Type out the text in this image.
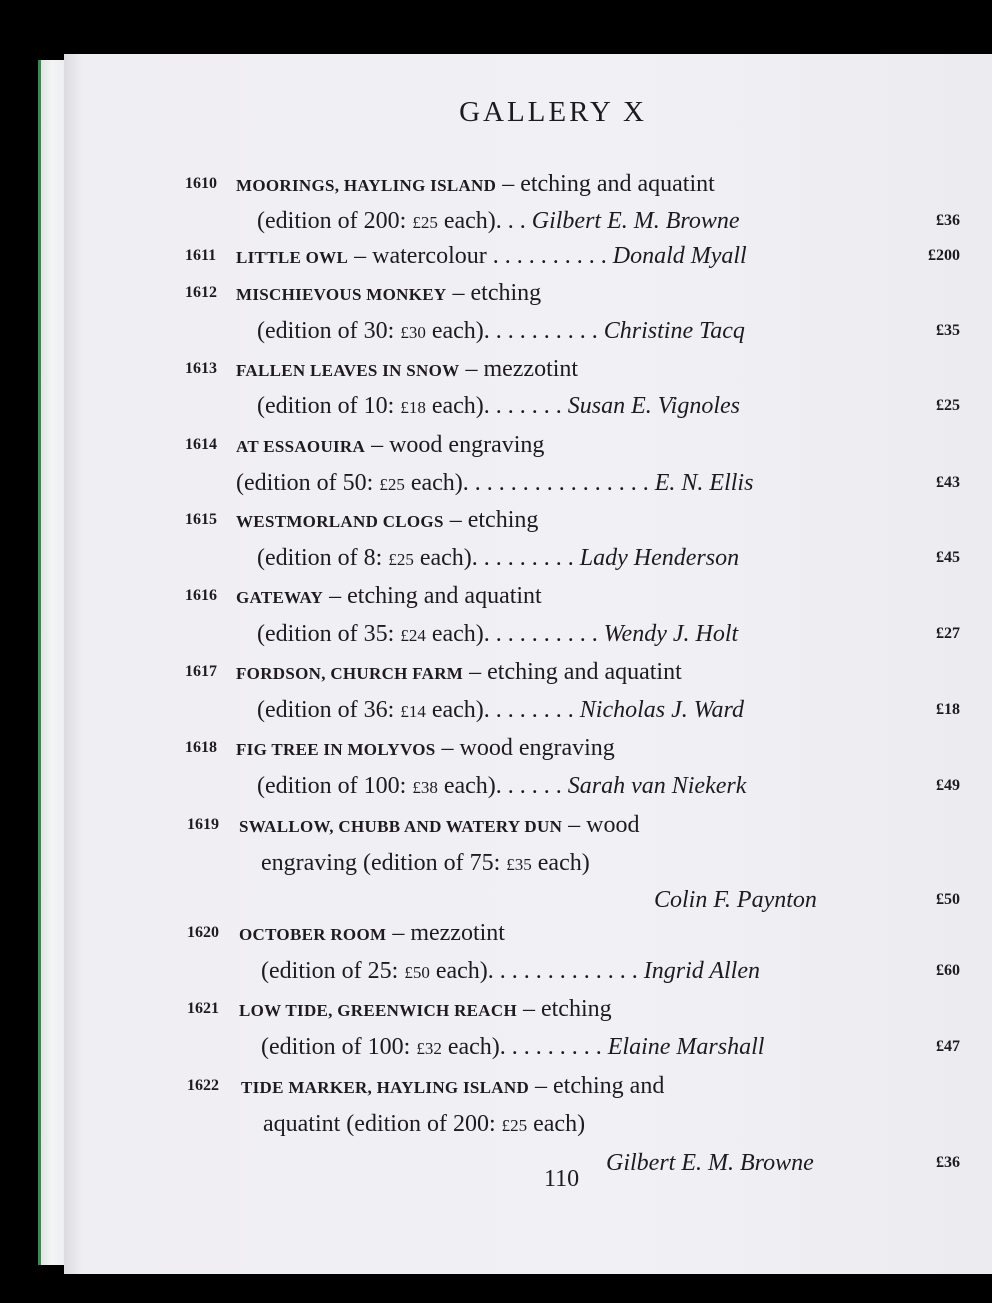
GALLERY X
1610 MOORINGS, HAYLING ISLAND – etching and aquatint
(edition of 200: £25 each). . . Gilbert E. M. Browne	£36
1611 LITTLE OWL – watercolour . . . . . . . . . . Donald Myall	£200
1612 MISCHIEVOUS MONKEY – etching
(edition of 30: £30 each). . . . . . . . . . Christine Tacq	£35
1613 FALLEN LEAVES IN SNOW – mezzotint
(edition of 10: £18 each). . . . . . . Susan E. Vignoles	£25
1614 AT ESSAOUIRA – wood engraving
(edition of 50: £25 each). . . . . . . . . . . . . . . . E. N. Ellis	£43
1615 WESTMORLAND CLOGS – etching
(edition of 8: £25 each). . . . . . . . . Lady Henderson	£45
1616 GATEWAY – etching and aquatint
(edition of 35: £24 each). . . . . . . . . . Wendy J. Holt	£27
1617 FORDSON, CHURCH FARM – etching and aquatint
(edition of 36: £14 each). . . . . . . . Nicholas J. Ward	£18
1618 FIG TREE IN MOLYVOS – wood engraving
(edition of 100: £38 each). . . . . . Sarah van Niekerk	£49
1619 SWALLOW, CHUBB AND WATERY DUN – wood
engraving (edition of 75: £35 each)
Colin F. Paynton	£50
1620 OCTOBER ROOM – mezzotint
(edition of 25: £50 each). . . . . . . . . . . . . Ingrid Allen	£60
1621 LOW TIDE, GREENWICH REACH – etching
(edition of 100: £32 each). . . . . . . . . Elaine Marshall	£47
1622 TIDE MARKER, HAYLING ISLAND – etching and
aquatint (edition of 200: £25 each)
Gilbert E. M. Browne	£36
110
